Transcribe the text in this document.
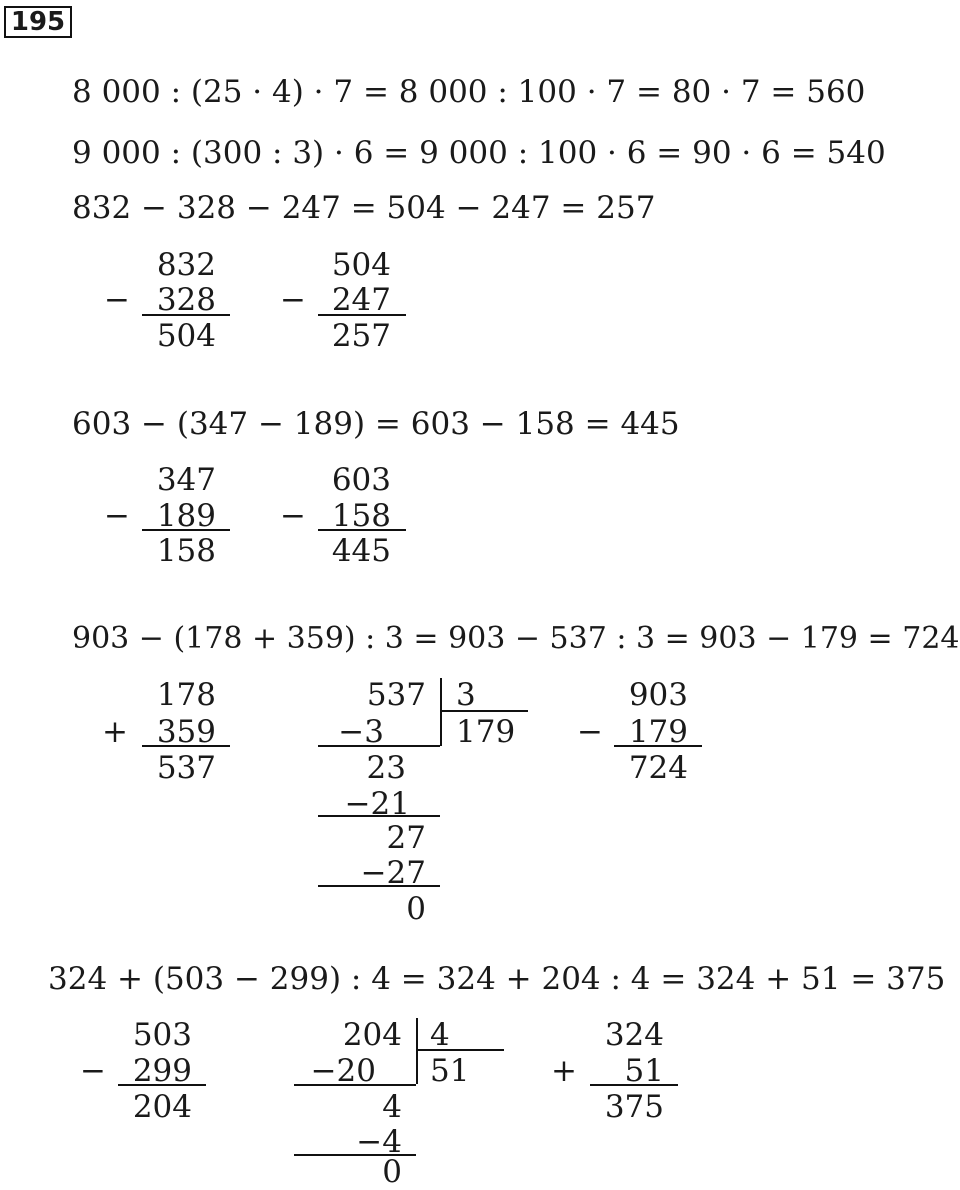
195
8 000 : (25 · 4) · 7 = 8 000 : 100 · 7 = 80 · 7 = 560
9 000 : (300 : 3) · 6 = 9 000 : 100 · 6 = 90 · 6 = 540
832 − 328 − 247 = 504 − 247 = 257
832
− 328
504
504
− 247
257
603 − (347 − 189) = 603 − 158 = 445
347
− 189
158
603
− 158
445
903 − (178 + 359) : 3 = 903 − 537 : 3 = 903 − 179 = 724
178
+ 359
537
537 3
179
−3
23
−21
27
−27
0
903
− 179
724
324 + (503 − 299) : 4 = 324 + 204 : 4 = 324 + 51 = 375
503
− 299
204
204 4
51
−20
4
−4
0
324
+	51
375
